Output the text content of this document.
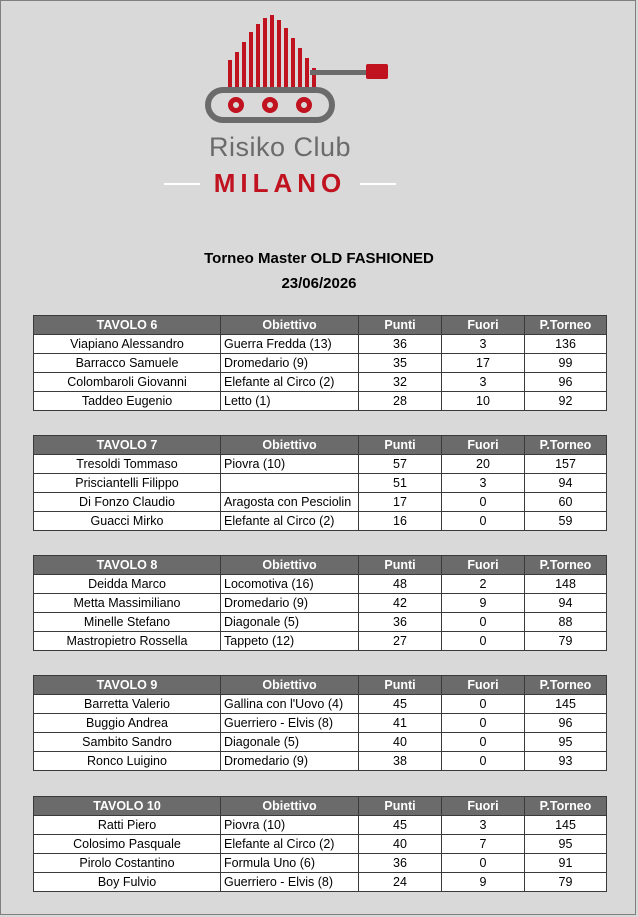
Risiko Club
MILANO
Torneo Master OLD FASHIONED
23/06/2026
TAVOLO 6	Obiettivo	Punti	Fuori	P.Torneo
Viapiano Alessandro	Guerra Fredda (13)	36	3	136
Barracco Samuele	Dromedario (9)	35	17	99
Colombaroli Giovanni	Elefante al Circo (2)	32	3	96
Taddeo Eugenio	Letto (1)	28	10	92
TAVOLO 7	Obiettivo	Punti	Fuori	P.Torneo
Tresoldi Tommaso	Piovra (10)	57	20	157
Prisciantelli Filippo		51	3	94
Di Fonzo Claudio	Aragosta con Pesciolin	17	0	60
Guacci Mirko	Elefante al Circo (2)	16	0	59
TAVOLO 8	Obiettivo	Punti	Fuori	P.Torneo
Deidda Marco	Locomotiva (16)	48	2	148
Metta Massimiliano	Dromedario (9)	42	9	94
Minelle Stefano	Diagonale (5)	36	0	88
Mastropietro Rossella	Tappeto (12)	27	0	79
TAVOLO 9	Obiettivo	Punti	Fuori	P.Torneo
Barretta Valerio	Gallina con l'Uovo (4)	45	0	145
Buggio Andrea	Guerriero - Elvis (8)	41	0	96
Sambito Sandro	Diagonale (5)	40	0	95
Ronco Luigino	Dromedario (9)	38	0	93
TAVOLO 10	Obiettivo	Punti	Fuori	P.Torneo
Ratti Piero	Piovra (10)	45	3	145
Colosimo Pasquale	Elefante al Circo (2)	40	7	95
Pirolo Costantino	Formula Uno (6)	36	0	91
Boy Fulvio	Guerriero - Elvis (8)	24	9	79
